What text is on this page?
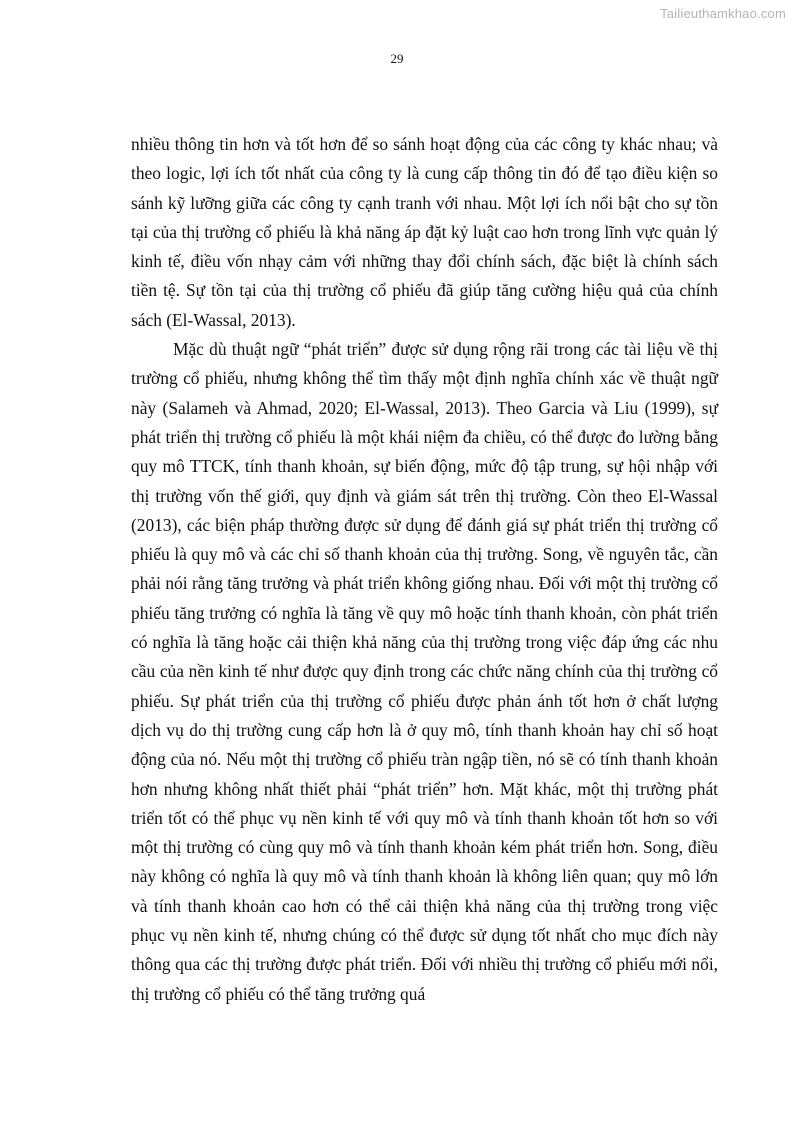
Tailieuthamkhao.com
29

nhiều thông tin hơn và tốt hơn để so sánh hoạt động của các công ty khác nhau; và theo logic, lợi ích tốt nhất của công ty là cung cấp thông tin đó để tạo điều kiện so sánh kỹ lưỡng giữa các công ty cạnh tranh với nhau. Một lợi ích nổi bật cho sự tồn tại của thị trường cổ phiếu là khả năng áp đặt kỷ luật cao hơn trong lĩnh vực quản lý kinh tế, điều vốn nhạy cảm với những thay đổi chính sách, đặc biệt là chính sách tiền tệ. Sự tồn tại của thị trường cổ phiếu đã giúp tăng cường hiệu quả của chính sách (El-Wassal, 2013).

Mặc dù thuật ngữ “phát triển” được sử dụng rộng rãi trong các tài liệu về thị trường cổ phiếu, nhưng không thể tìm thấy một định nghĩa chính xác về thuật ngữ này (Salameh và Ahmad, 2020; El-Wassal, 2013). Theo Garcia và Liu (1999), sự phát triển thị trường cổ phiếu là một khái niệm đa chiều, có thể được đo lường bằng quy mô TTCK, tính thanh khoản, sự biến động, mức độ tập trung, sự hội nhập với thị trường vốn thế giới, quy định và giám sát trên thị trường. Còn theo El-Wassal (2013), các biện pháp thường được sử dụng để đánh giá sự phát triển thị trường cổ phiếu là quy mô và các chỉ số thanh khoản của thị trường. Song, về nguyên tắc, cần phải nói rằng tăng trưởng và phát triển không giống nhau. Đối với một thị trường cổ phiếu tăng trưởng có nghĩa là tăng về quy mô hoặc tính thanh khoản, còn phát triển có nghĩa là tăng hoặc cải thiện khả năng của thị trường trong việc đáp ứng các nhu cầu của nền kinh tế như được quy định trong các chức năng chính của thị trường cổ phiếu. Sự phát triển của thị trường cổ phiếu được phản ánh tốt hơn ở chất lượng dịch vụ do thị trường cung cấp hơn là ở quy mô, tính thanh khoản hay chỉ số hoạt động của nó. Nếu một thị trường cổ phiếu tràn ngập tiền, nó sẽ có tính thanh khoản hơn nhưng không nhất thiết phải “phát triển” hơn. Mặt khác, một thị trường phát triển tốt có thể phục vụ nền kinh tế với quy mô và tính thanh khoản tốt hơn so với một thị trường có cùng quy mô và tính thanh khoản kém phát triển hơn. Song, điều này không có nghĩa là quy mô và tính thanh khoản là không liên quan; quy mô lớn và tính thanh khoản cao hơn có thể cải thiện khả năng của thị trường trong việc phục vụ nền kinh tế, nhưng chúng có thể được sử dụng tốt nhất cho mục đích này thông qua các thị trường được phát triển. Đối với nhiều thị trường cổ phiếu mới nổi, thị trường cổ phiếu có thể tăng trưởng quá
